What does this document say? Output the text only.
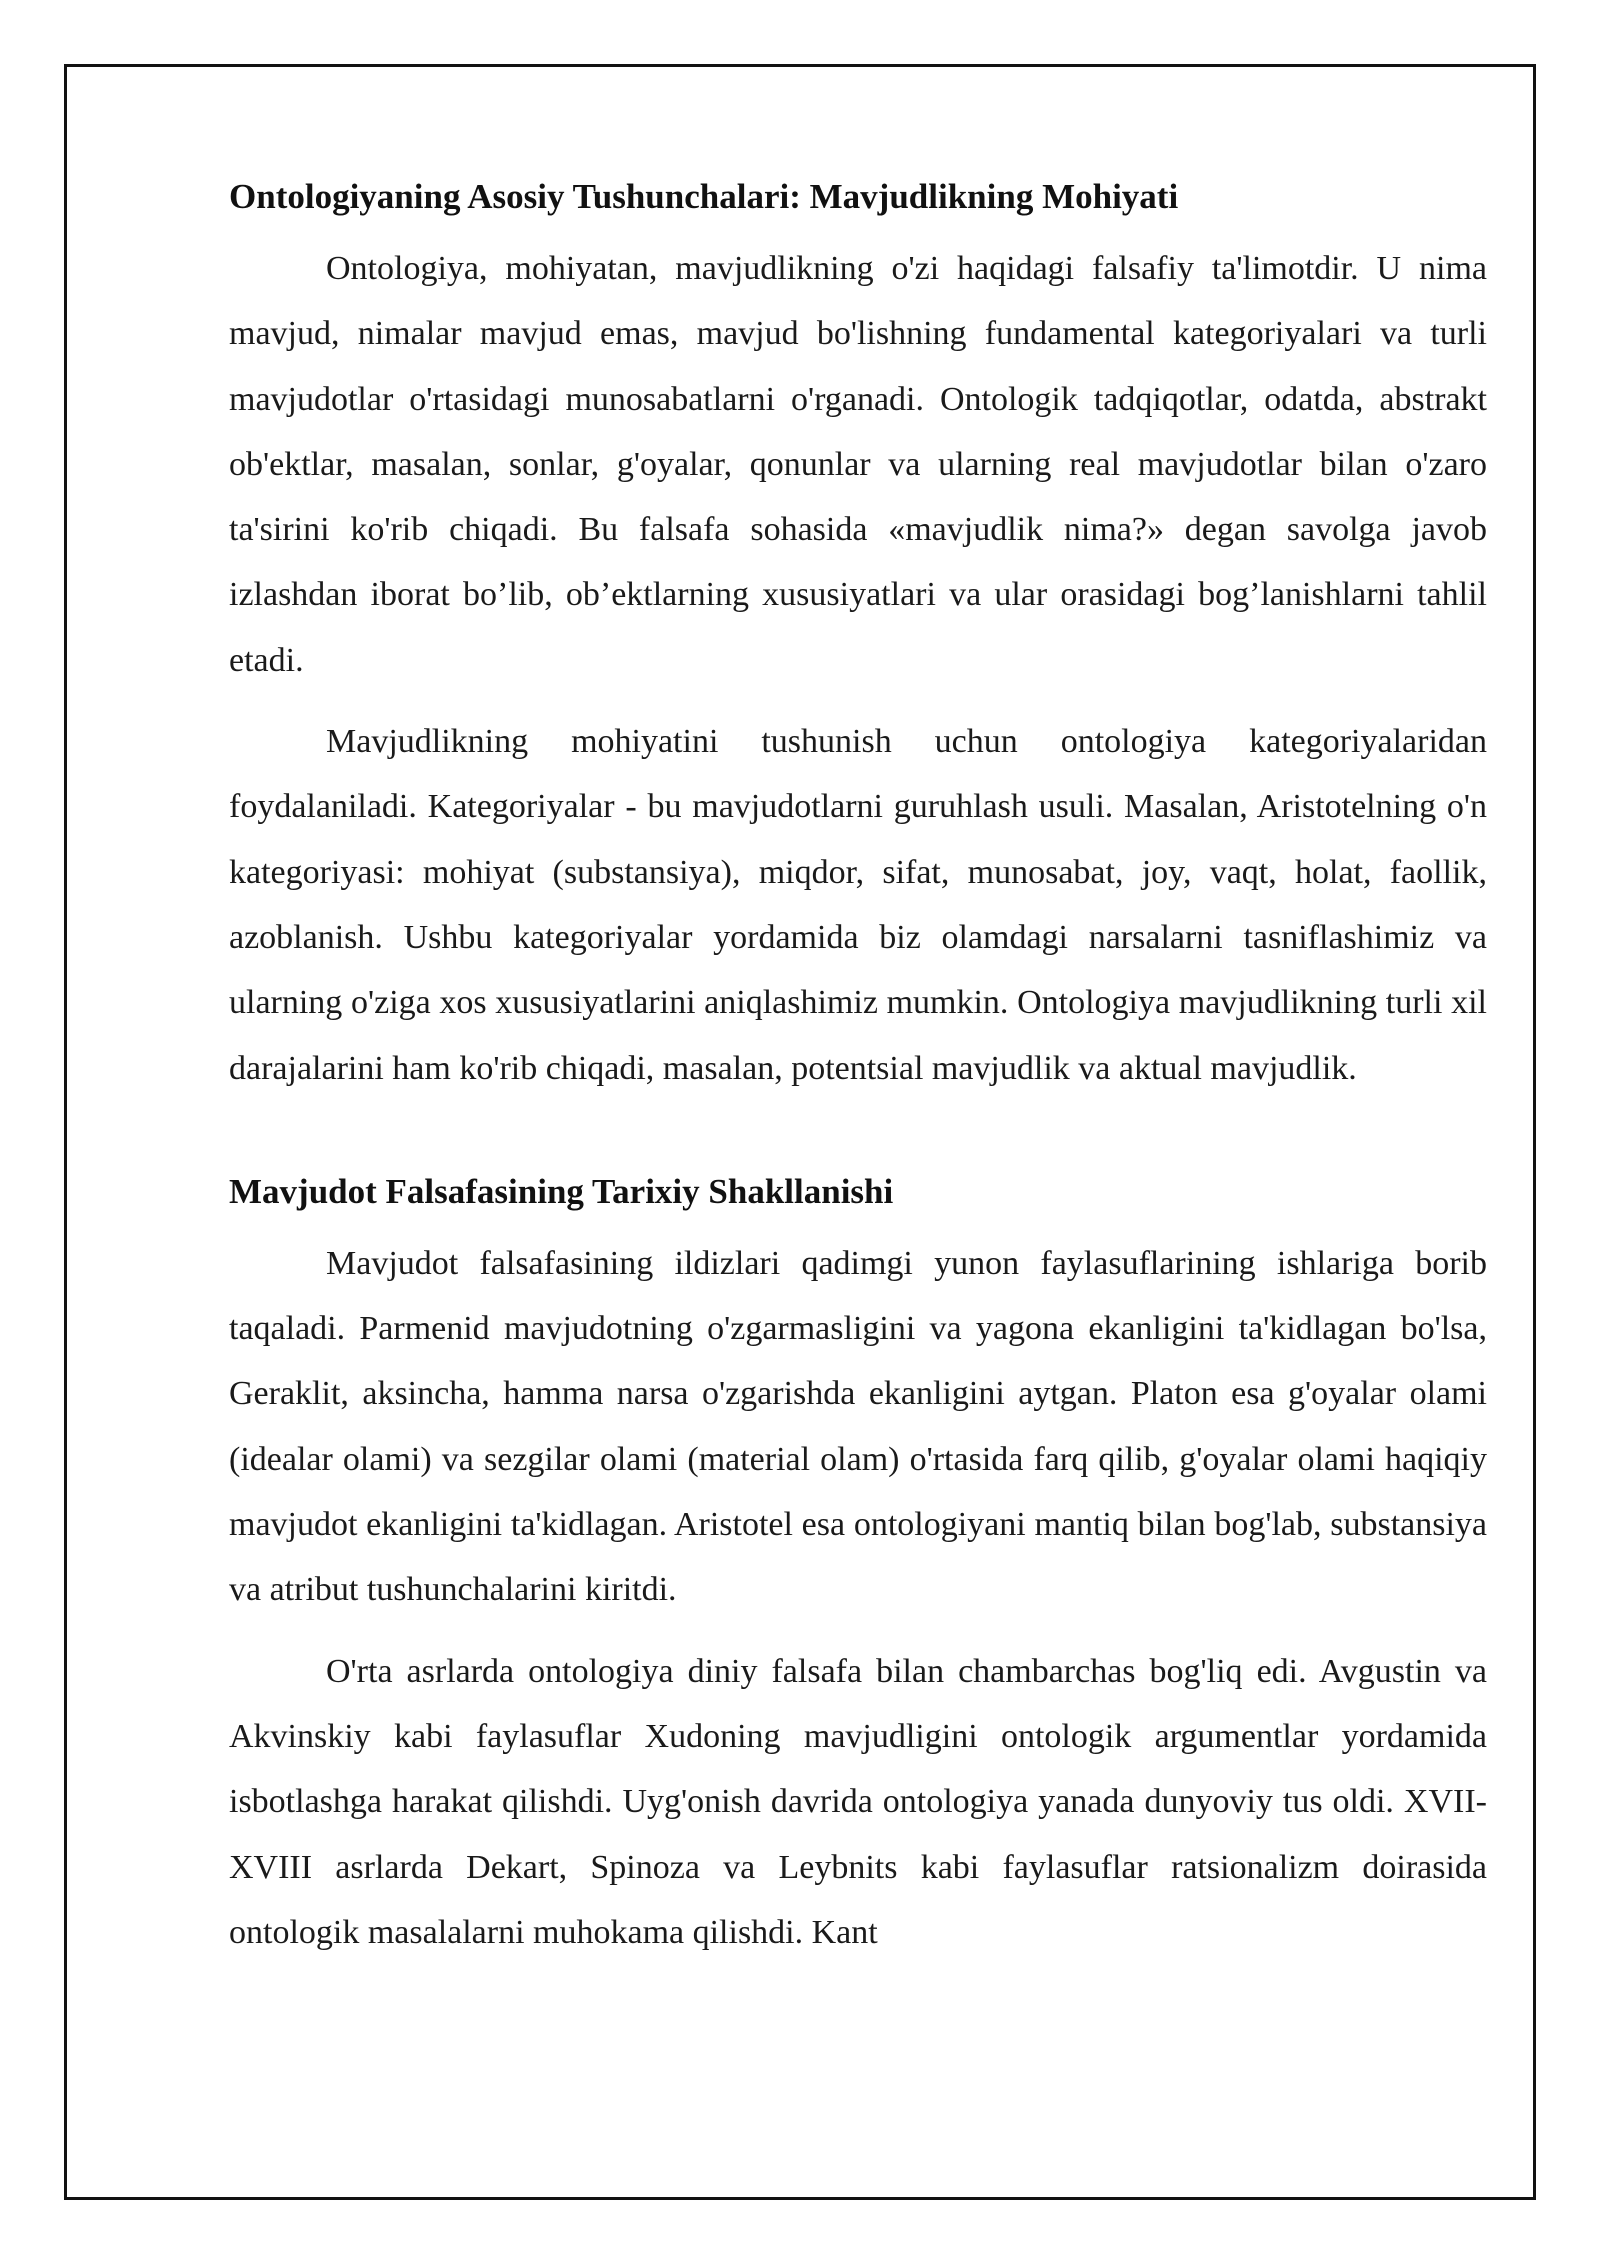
Ontologiyaning Asosiy Tushunchalari: Mavjudlikning Mohiyati

Ontologiya, mohiyatan, mavjudlikning o'zi haqidagi falsafiy ta'limotdir. U nima mavjud, nimalar mavjud emas, mavjud bo'lishning fundamental kategoriyalari va turli mavjudotlar o'rtasidagi munosabatlarni o'rganadi. Ontologik tadqiqotlar, odatda, abstrakt ob'ektlar, masalan, sonlar, g'oyalar, qonunlar va ularning real mavjudotlar bilan o'zaro ta'sirini ko'rib chiqadi. Bu falsafa sohasida «mavjudlik nima?» degan savolga javob izlashdan iborat bo’lib, ob’ektlarning xususiyatlari va ular orasidagi bog’lanishlarni tahlil etadi.

Mavjudlikning mohiyatini tushunish uchun ontologiya kategoriyalaridan foydalaniladi. Kategoriyalar - bu mavjudotlarni guruhlash usuli. Masalan, Aristotelning o'n kategoriyasi: mohiyat (substansiya), miqdor, sifat, munosabat, joy, vaqt, holat, faollik, azoblanish. Ushbu kategoriyalar yordamida biz olamdagi narsalarni tasniflashimiz va ularning o'ziga xos xususiyatlarini aniqlashimiz mumkin. Ontologiya mavjudlikning turli xil darajalarini ham ko'rib chiqadi, masalan, potentsial mavjudlik va aktual mavjudlik.

Mavjudot Falsafasining Tarixiy Shakllanishi

Mavjudot falsafasining ildizlari qadimgi yunon faylasuflarining ishlariga borib taqaladi. Parmenid mavjudotning o'zgarmasligini va yagona ekanligini ta'kidlagan bo'lsa, Geraklit, aksincha, hamma narsa o'zgarishda ekanligini aytgan. Platon esa g'oyalar olami (idealar olami) va sezgilar olami (material olam) o'rtasida farq qilib, g'oyalar olami haqiqiy mavjudot ekanligini ta'kidlagan. Aristotel esa ontologiyani mantiq bilan bog'lab, substansiya va atribut tushunchalarini kiritdi.

O'rta asrlarda ontologiya diniy falsafa bilan chambarchas bog'liq edi. Avgustin va Akvinskiy kabi faylasuflar Xudoning mavjudligini ontologik argumentlar yordamida isbotlashga harakat qilishdi. Uyg'onish davrida ontologiya yanada dunyoviy tus oldi. XVII-XVIII asrlarda Dekart, Spinoza va Leybnits kabi faylasuflar ratsionalizm doirasida ontologik masalalarni muhokama qilishdi. Kant
